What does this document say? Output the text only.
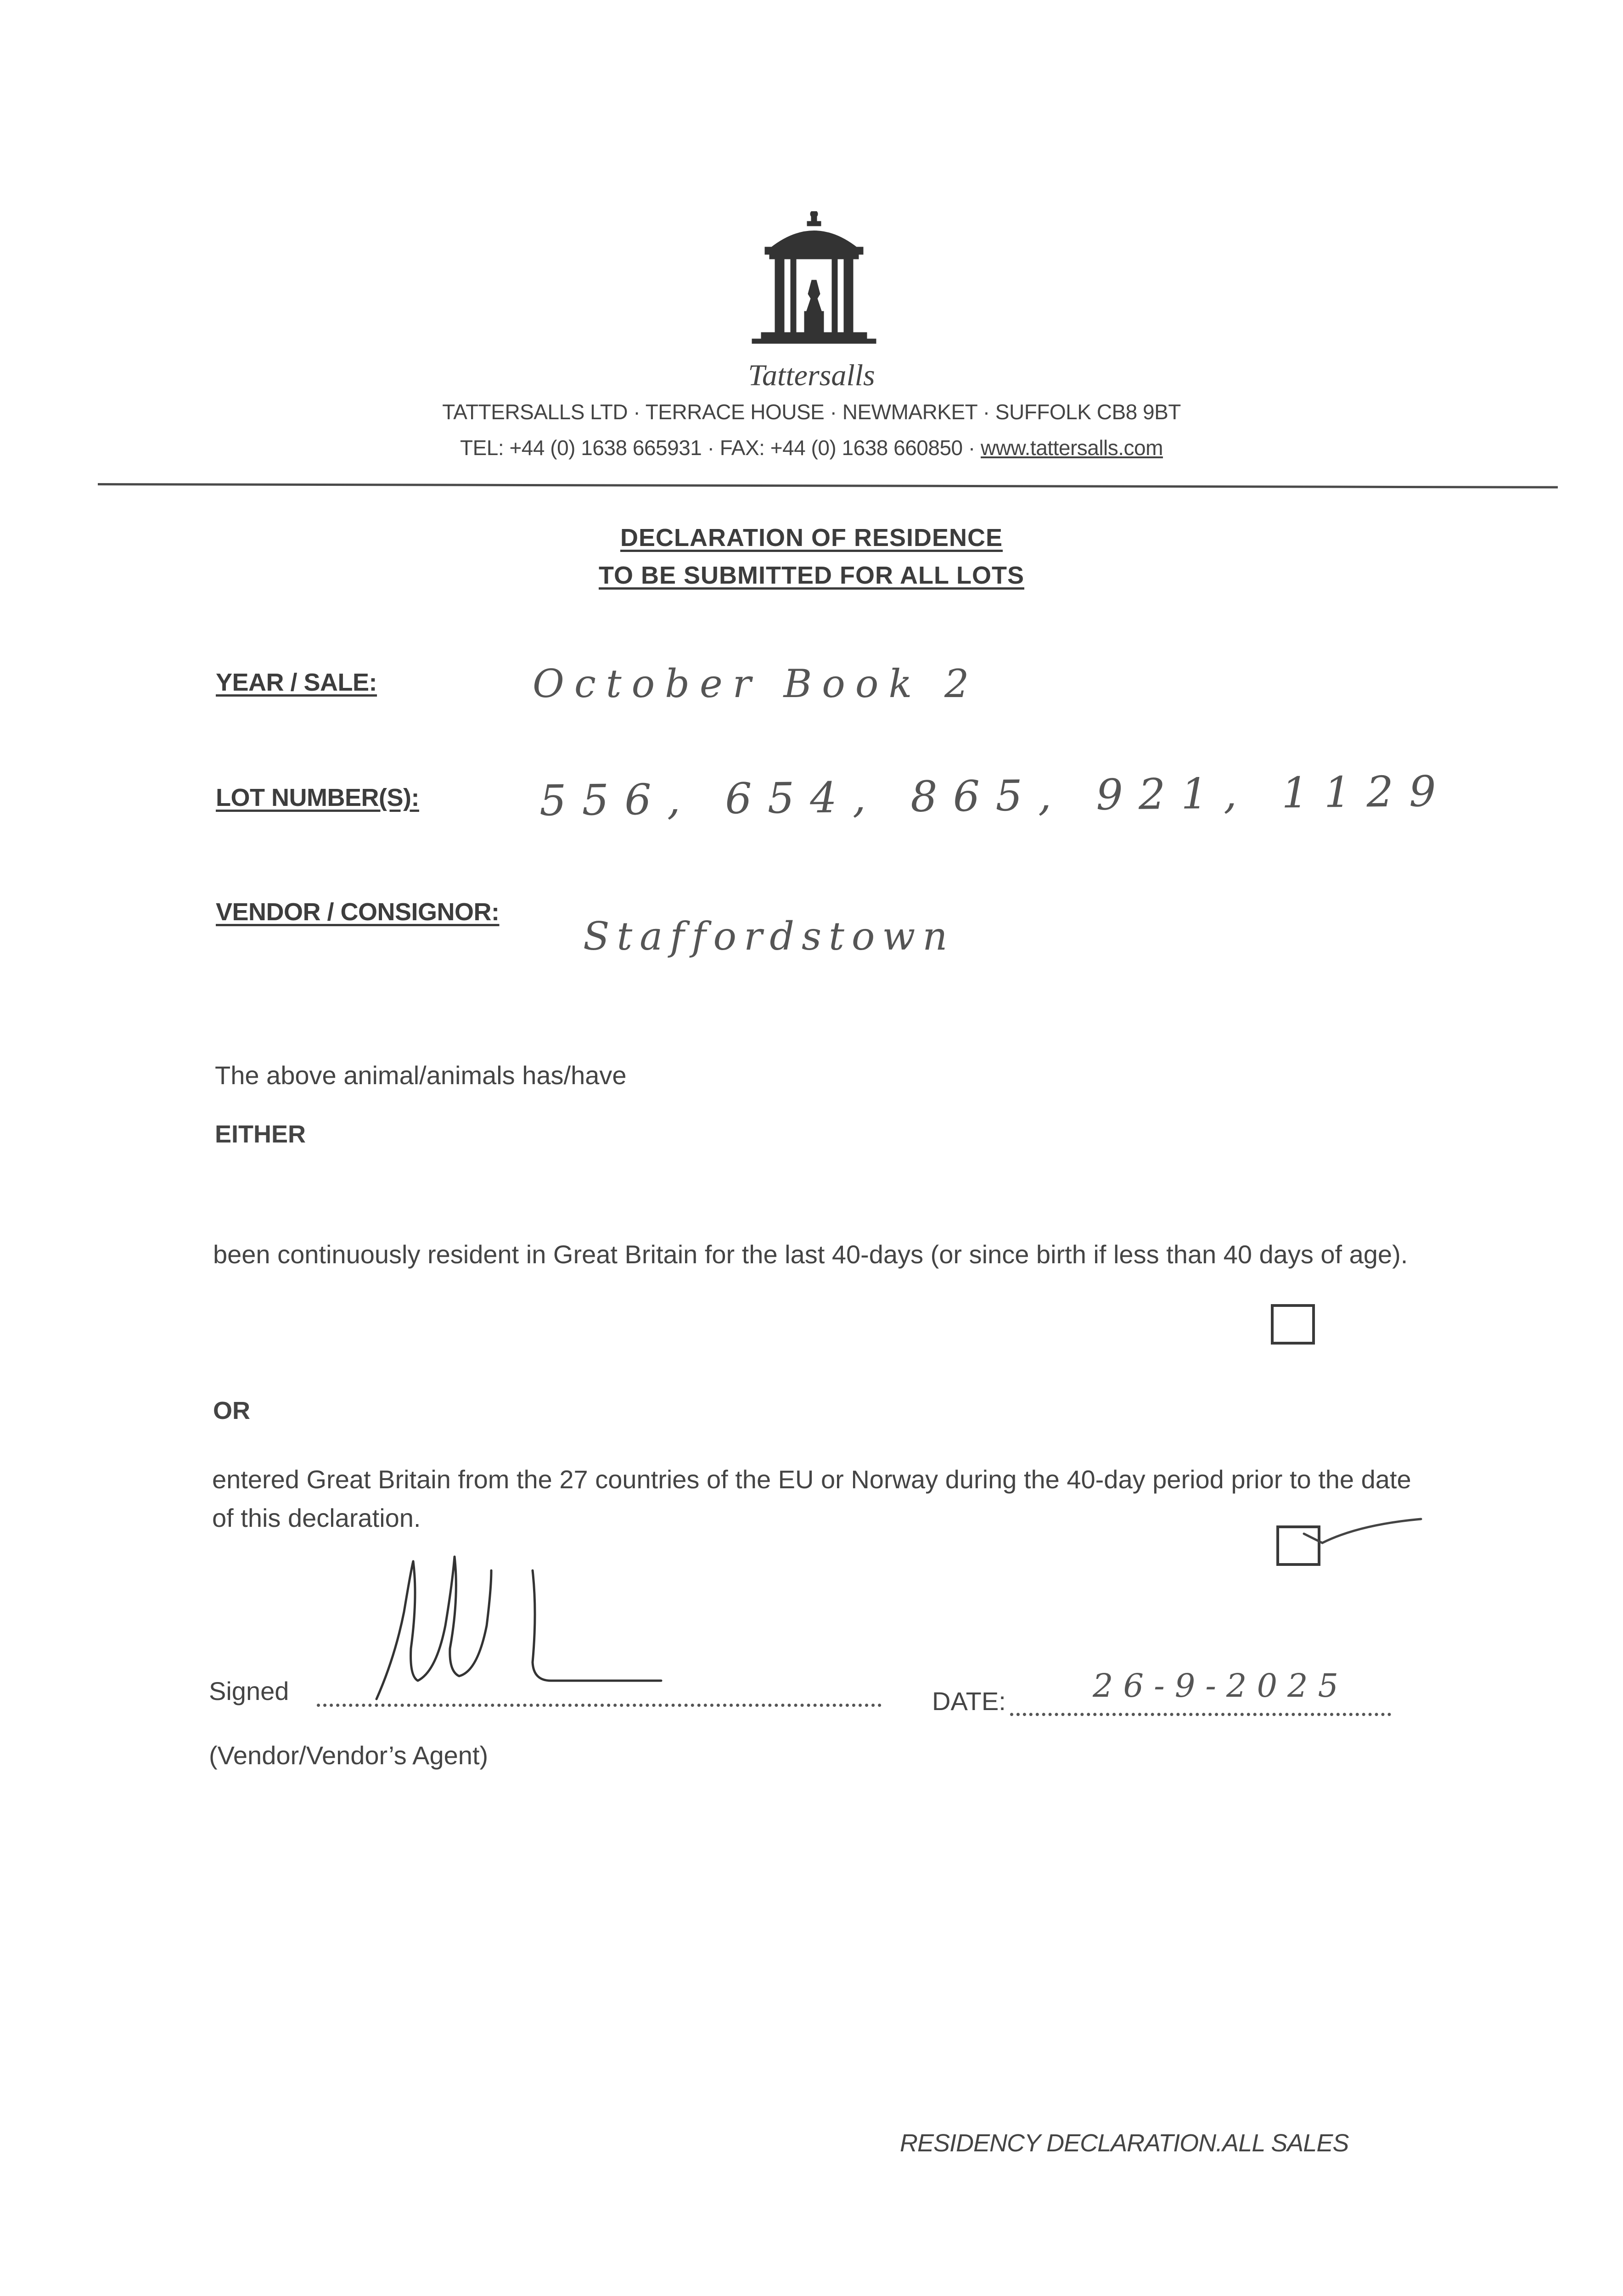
Tattersalls
TATTERSALLS LTD · TERRACE HOUSE · NEWMARKET · SUFFOLK CB8 9BT
TEL: +44 (0) 1638 665931 · FAX: +44 (0) 1638 660850 · www.tattersalls.com
DECLARATION OF RESIDENCE
TO BE SUBMITTED FOR ALL LOTS
YEAR / SALE:	October Book 2
LOT NUMBER(S):	556, 654, 865, 921, 1129
VENDOR / CONSIGNOR:
Staffordstown
The above animal/animals has/have
EITHER
been continuously resident in Great Britain for the last 40-days (or since birth if less than 40 days of age).
OR
entered Great Britain from the 27 countries of the EU or Norway during the 40-day period prior to the date of this declaration.
Signed	DATE:	26-9-2025
(Vendor/Vendor’s Agent)
RESIDENCY DECLARATION.ALL SALES
